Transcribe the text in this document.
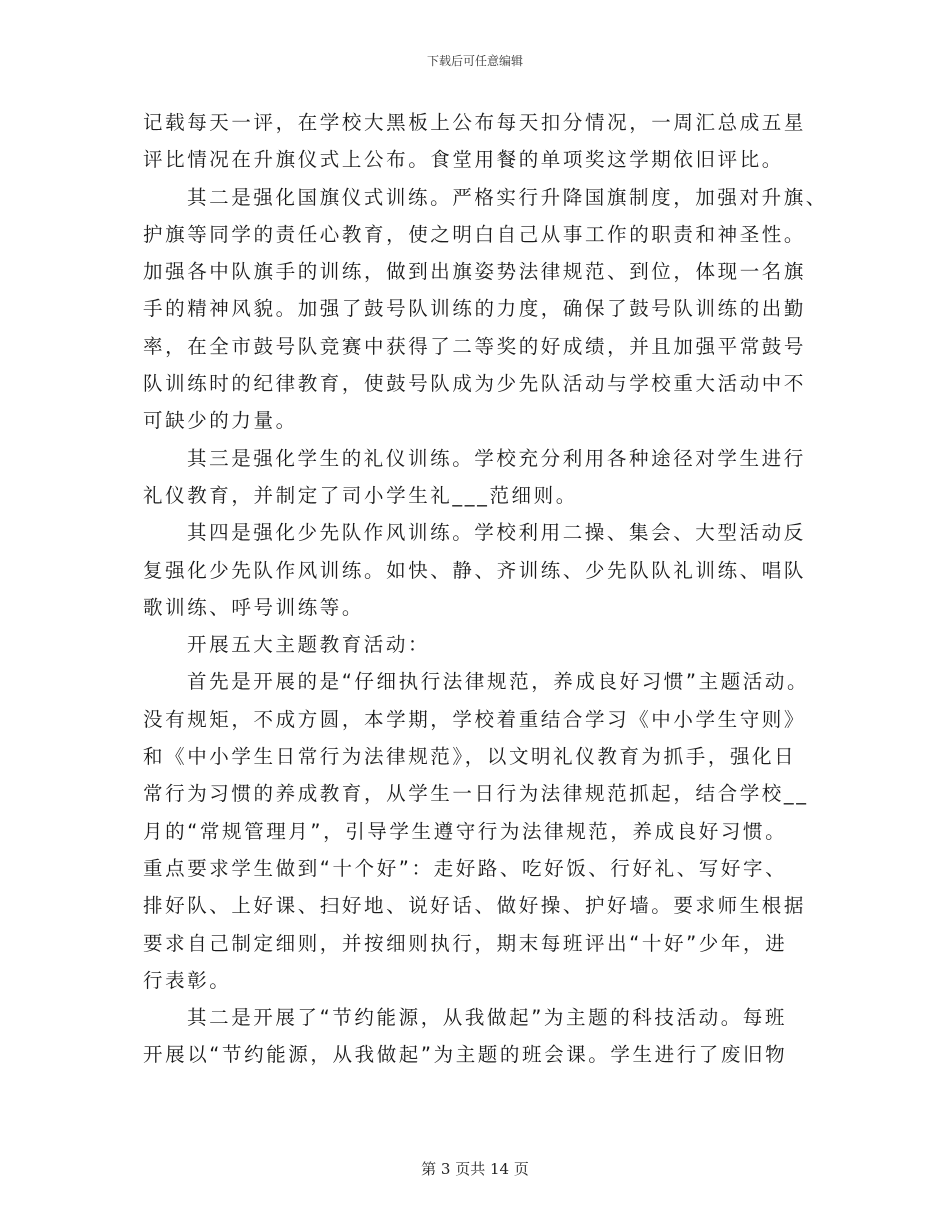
下载后可任意编辑
记载每天一评，在学校大黑板上公布每天扣分情况，一周汇总成五星
评比情况在升旗仪式上公布。食堂用餐的单项奖这学期依旧评比。
其二是强化国旗仪式训练。严格实行升降国旗制度，加强对升旗、
护旗等同学的责任心教育，使之明白自己从事工作的职责和神圣性。
加强各中队旗手的训练，做到出旗姿势法律规范、到位，体现一名旗
手的精神风貌。加强了鼓号队训练的力度，确保了鼓号队训练的出勤
率，在全市鼓号队竞赛中获得了二等奖的好成绩，并且加强平常鼓号
队训练时的纪律教育，使鼓号队成为少先队活动与学校重大活动中不
可缺少的力量。
其三是强化学生的礼仪训练。学校充分利用各种途径对学生进行
礼仪教育，并制定了司小学生礼___范细则。
其四是强化少先队作风训练。学校利用二操、集会、大型活动反
复强化少先队作风训练。如快、静、齐训练、少先队队礼训练、唱队
歌训练、呼号训练等。
开展五大主题教育活动：
首先是开展的是“仔细执行法律规范，养成良好习惯”主题活动。
没有规矩，不成方圆，本学期，学校着重结合学习《中小学生守则》
和《中小学生日常行为法律规范》，以文明礼仪教育为抓手，强化日
常行为习惯的养成教育，从学生一日行为法律规范抓起，结合学校__
月的“常规管理月”，引导学生遵守行为法律规范，养成良好习惯。
重点要求学生做到“十个好”：走好路、吃好饭、行好礼、写好字、
排好队、上好课、扫好地、说好话、做好操、护好墙。要求师生根据
要求自己制定细则，并按细则执行，期末每班评出“十好”少年，进
行表彰。
其二是开展了“节约能源，从我做起”为主题的科技活动。每班
开展以“节约能源，从我做起”为主题的班会课。学生进行了废旧物
第 3 页共 14 页
